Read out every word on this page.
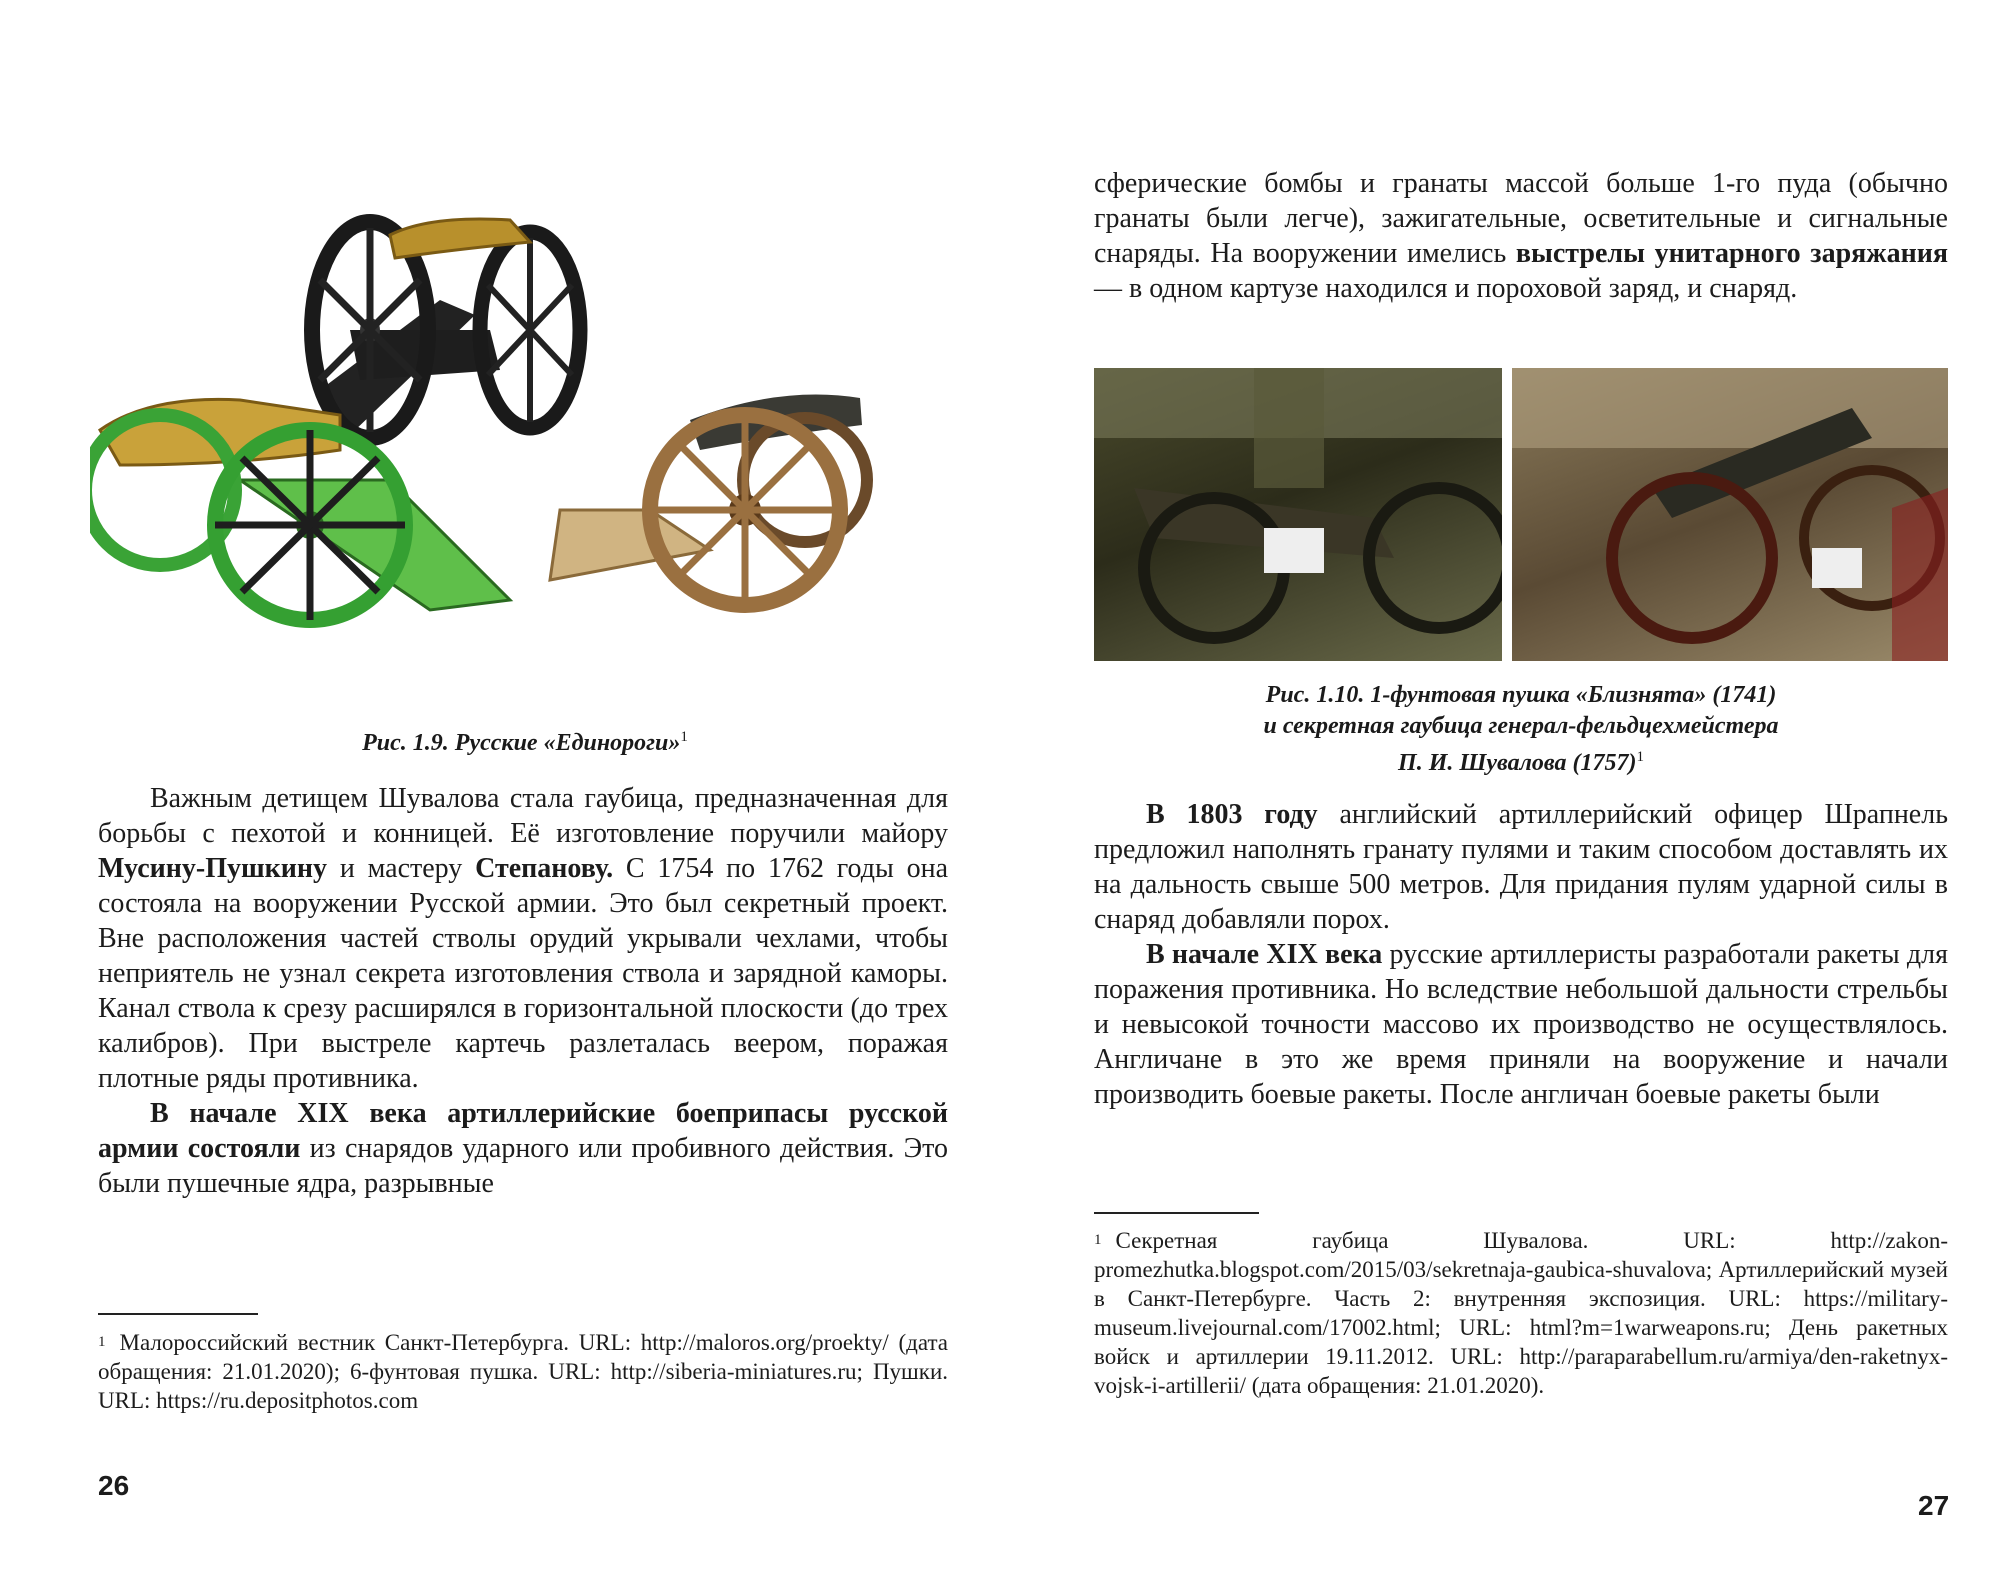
Рис. 1.9. Русские «Единороги»$^1$

Важным детищем Шувалова стала гаубица, предназначенная для борьбы с пехотой и конницей. Её изготовление поручили майору Мусину-Пушкину и мастеру Степанову. С 1754 по 1762 годы она состояла на вооружении Русской армии. Это был секретный проект. Вне расположения частей стволы орудий укрывали чехлами, чтобы неприятель не узнал секрета изготовления ствола и зарядной каморы. Канал ствола к срезу расширялся в горизонтальной плоскости (до трех калибров). При выстреле картечь разлеталась веером, поражая плотные ряды противника.

В начале XIX века артиллерийские боеприпасы русской армии состояли из снарядов ударного или пробивного действия. Это были пушечные ядра, разрывные

$^1$ Малороссийский вестник Санкт-Петербурга. URL: http://maloros.org/proekty/ (дата обращения: 21.01.2020); 6-фунтовая пушка. URL: http://siberia-miniatures.ru; Пушки. URL: https://ru.depositphotos.com
26

сферические бомбы и гранаты массой больше 1-го пуда (обычно гранаты были легче), зажигательные, осветительные и сигнальные снаряды. На вооружении имелись выстрелы унитарного заряжания — в одном картузе находился и пороховой заряд, и снаряд.

Рис. 1.10. 1-фунтовая пушка «Близнята» (1741)
и секретная гаубица генерал-фельдцехмейстера
П. И. Шувалова $(1757)^1$

В 1803 году английский артиллерийский офицер Шрапнель предложил наполнять гранату пулями и таким способом доставлять их на дальность свыше 500 метров. Для придания пулям ударной силы в снаряд добавляли порох.

В начале XIX века русские артиллеристы разработали ракеты для поражения противника. Но вследствие небольшой дальности стрельбы и невысокой точности массово их производство не осуществлялось. Англичане в это же время приняли на вооружение и начали производить боевые ракеты. После англичан боевые ракеты были

$^1$ Секретная гаубица Шувалова. URL: http://zakon-promezhutka.blogspot.com/2015/03/sekretnaja-gaubica-shuvalova; Артиллерийский музей в Санкт-Петербурге. Часть 2: внутренняя экспозиция. URL: https://military-museum.livejournal.com/17002.html; URL: html?m=1warweapons.ru; День ракетных войск и артиллерии 19.11.2012. URL: http://paraparabellum.ru/armiya/den-raketnyx-vojsk-i-artillerii/ (дата обращения: 21.01.2020).
27
